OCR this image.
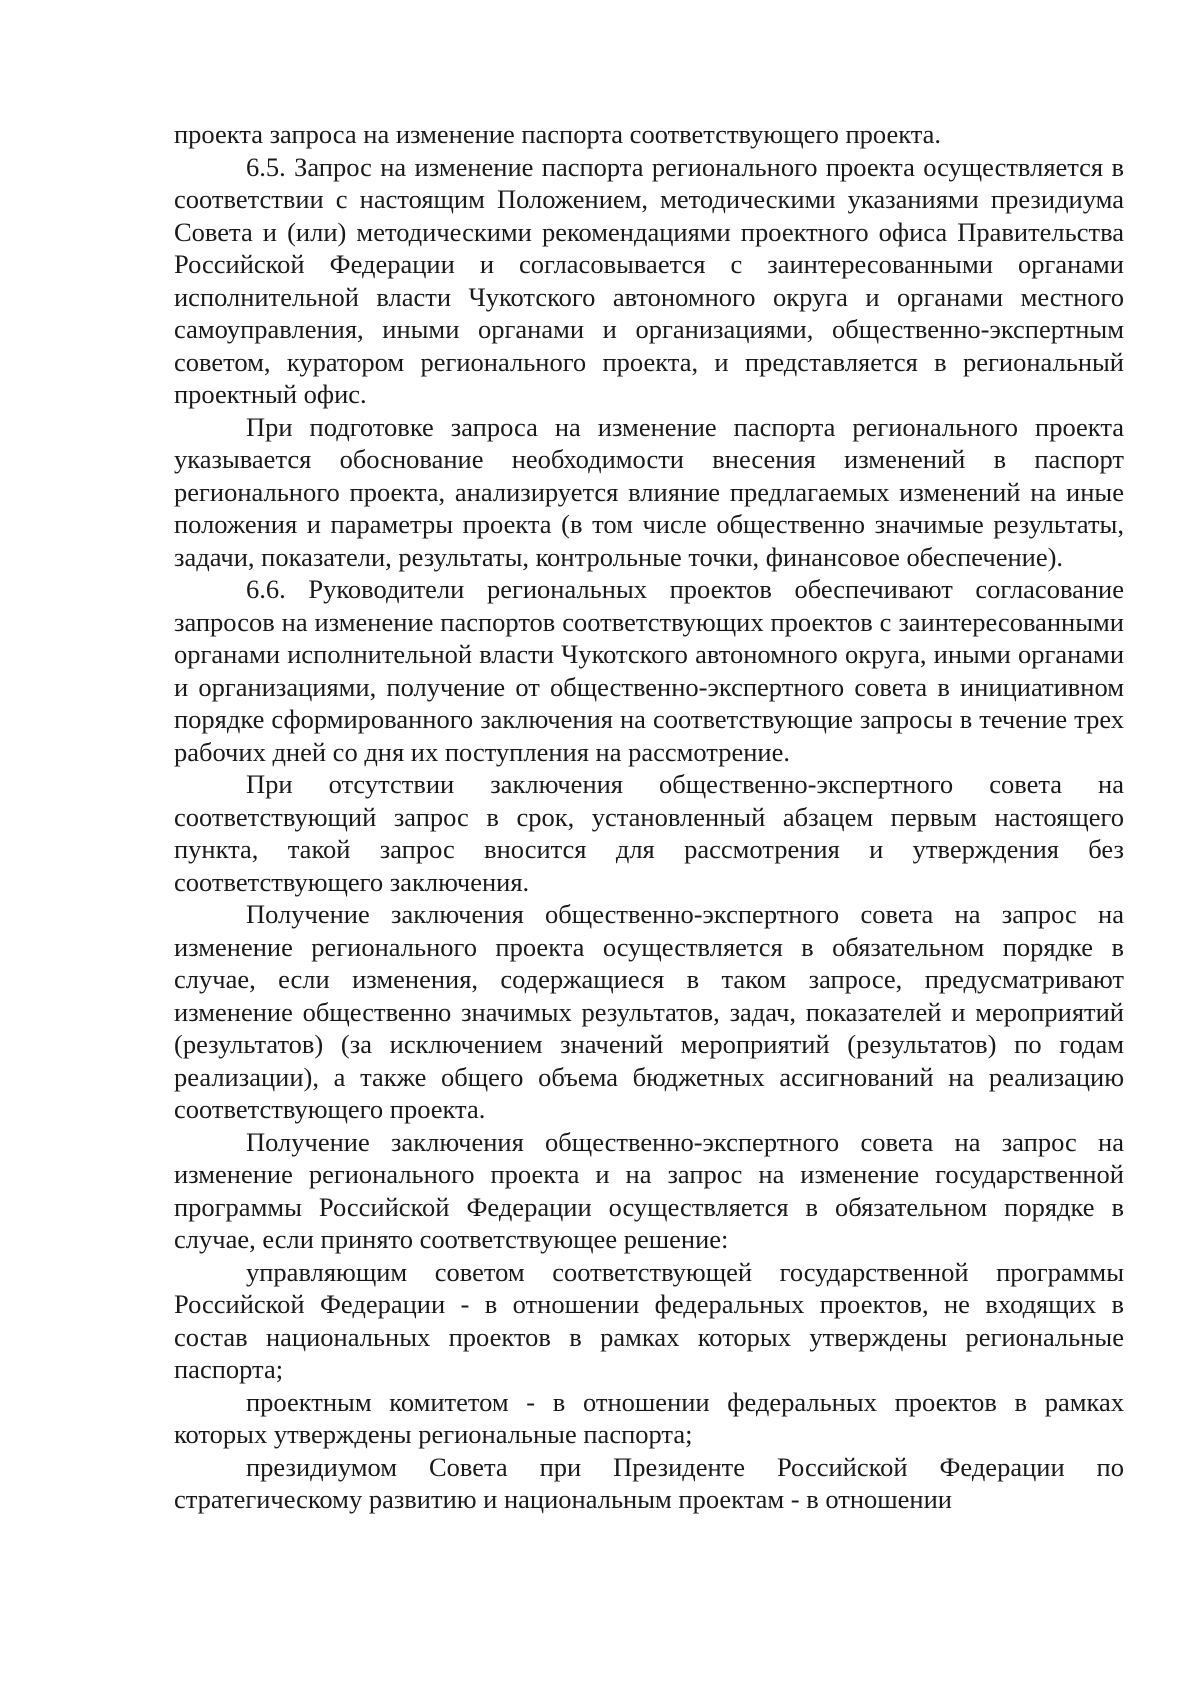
проекта запроса на изменение паспорта соответствующего проекта.

6.5. Запрос на изменение паспорта регионального проекта осуществляется в соответствии с настоящим Положением, методическими указаниями президиума Совета и (или) методическими рекомендациями проектного офиса Правительства Российской Федерации и согласовывается с заинтересованными органами исполнительной власти Чукотского автономного округа и органами местного самоуправления, иными органами и организациями, общественно-экспертным советом, куратором регионального проекта, и представляется в региональный проектный офис.

При подготовке запроса на изменение паспорта регионального проекта указывается обоснование необходимости внесения изменений в паспорт регионального проекта, анализируется влияние предлагаемых изменений на иные положения и параметры проекта (в том числе общественно значимые результаты, задачи, показатели, результаты, контрольные точки, финансовое обеспечение).

6.6. Руководители региональных проектов обеспечивают согласование запросов на изменение паспортов соответствующих проектов с заинтересованными органами исполнительной власти Чукотского автономного округа, иными органами и организациями, получение от общественно-экспертного совета в инициативном порядке сформированного заключения на соответствующие запросы в течение трех рабочих дней со дня их поступления на рассмотрение.

При отсутствии заключения общественно-экспертного совета на соответствующий запрос в срок, установленный абзацем первым настоящего пункта, такой запрос вносится для рассмотрения и утверждения без соответствующего заключения.

Получение заключения общественно-экспертного совета на запрос на изменение регионального проекта осуществляется в обязательном порядке в случае, если изменения, содержащиеся в таком запросе, предусматривают изменение общественно значимых результатов, задач, показателей и мероприятий (результатов) (за исключением значений мероприятий (результатов) по годам реализации), а также общего объема бюджетных ассигнований на реализацию соответствующего проекта.

Получение заключения общественно-экспертного совета на запрос на изменение регионального проекта и на запрос на изменение государственной программы Российской Федерации осуществляется в обязательном порядке в случае, если принято соответствующее решение:

управляющим советом соответствующей государственной программы Российской Федерации - в отношении федеральных проектов, не входящих в состав национальных проектов в рамках которых утверждены региональные паспорта;

проектным комитетом - в отношении федеральных проектов в рамках которых утверждены региональные паспорта;

президиумом Совета при Президенте Российской Федерации по стратегическому развитию и национальным проектам - в отношении
